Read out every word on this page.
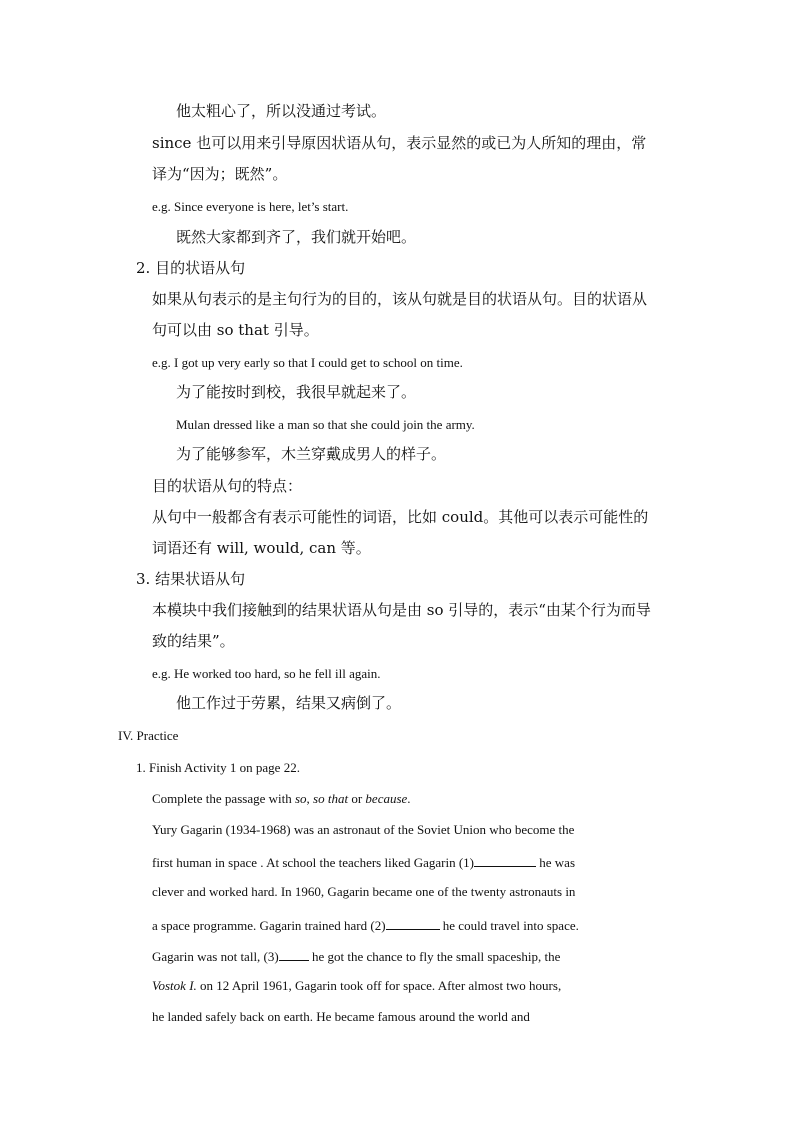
他太粗心了，所以没通过考试。
since 也可以用来引导原因状语从句，表示显然的或已为人所知的理由，常
译为“因为；既然”。
e.g. Since everyone is here, let’s start.
既然大家都到齐了，我们就开始吧。
2. 目的状语从句
如果从句表示的是主句行为的目的，该从句就是目的状语从句。目的状语从
句可以由 so that 引导。
e.g. I got up very early so that I could get to school on time.
为了能按时到校，我很早就起来了。
Mulan dressed like a man so that she could join the army.
为了能够参军，木兰穿戴成男人的样子。
目的状语从句的特点：
从句中一般都含有表示可能性的词语，比如 could。其他可以表示可能性的
词语还有 will, would, can 等。
3. 结果状语从句
本模块中我们接触到的结果状语从句是由 so 引导的，表示“由某个行为而导
致的结果”。
e.g. He worked too hard, so he fell ill again.
他工作过于劳累，结果又病倒了。
IV. Practice
1. Finish Activity 1 on page 22.
Complete the passage with so, so that or because.
Yury Gagarin (1934-1968) was an astronaut of the Soviet Union who become the
first human in space . At school the teachers liked Gagarin (1)	he was
clever and worked hard. In 1960, Gagarin became one of the twenty astronauts in
a space programme. Gagarin trained hard (2)	he could travel into space.
Gagarin was not tall, (3) he got the chance to fly the small spaceship, the
Vostok I. on 12 April 1961, Gagarin took off for space. After almost two hours,
he landed safely back on earth. He became famous around the world and
